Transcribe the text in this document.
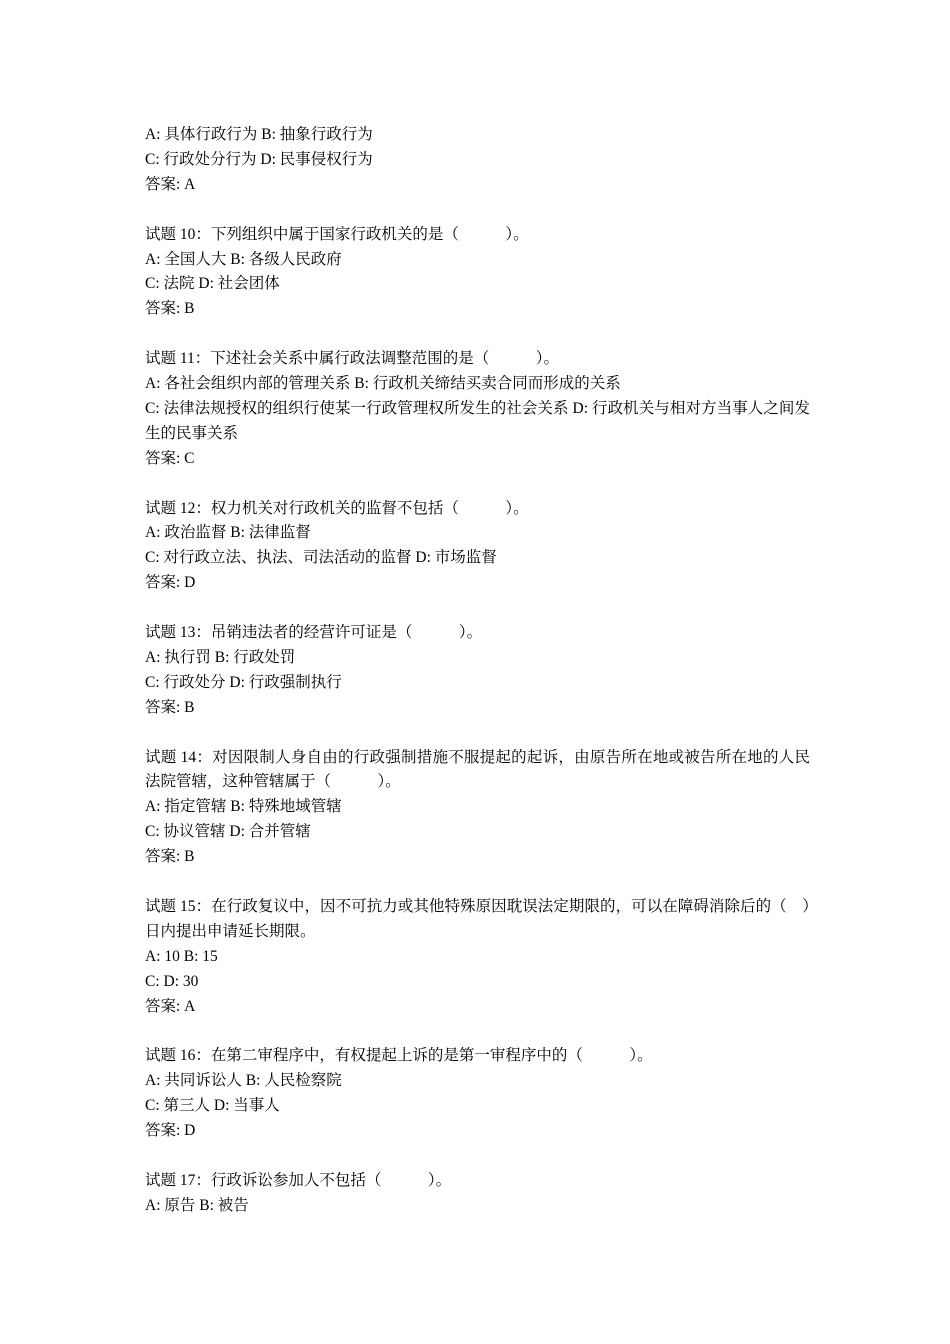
A: 具体行政行为 B: 抽象行政行为

C: 行政处分行为 D: 民事侵权行为

答案: A

试题 10：下列组织中属于国家行政机关的是（　　　）。

A: 全国人大 B: 各级人民政府

C: 法院 D: 社会团体

答案: B

试题 11：下述社会关系中属行政法调整范围的是（　　　）。

A: 各社会组织内部的管理关系 B: 行政机关缔结买卖合同而形成的关系

C: 法律法规授权的组织行使某一行政管理权所发生的社会关系 D: 行政机关与相对方当事人之间发生的民事关系

答案: C

试题 12：权力机关对行政机关的监督不包括（　　　）。

A: 政治监督 B: 法律监督

C: 对行政立法、执法、司法活动的监督 D: 市场监督

答案: D

试题 13：吊销违法者的经营许可证是（　　　）。

A: 执行罚 B: 行政处罚

C: 行政处分 D: 行政强制执行

答案: B

试题 14：对因限制人身自由的行政强制措施不服提起的起诉，由原告所在地或被告所在地的人民法院管辖，这种管辖属于（　　　）。

A: 指定管辖 B: 特殊地域管辖

C: 协议管辖 D: 合并管辖

答案: B

试题 15：在行政复议中，因不可抗力或其他特殊原因耽误法定期限的，可以在障碍消除后的（　）日内提出申请延长期限。

A: 10 B: 15

C: D: 30

答案: A

试题 16：在第二审程序中，有权提起上诉的是第一审程序中的（　　　）。

A: 共同诉讼人 B: 人民检察院

C: 第三人 D: 当事人

答案: D

试题 17：行政诉讼参加人不包括（　　　）。

A: 原告 B: 被告
